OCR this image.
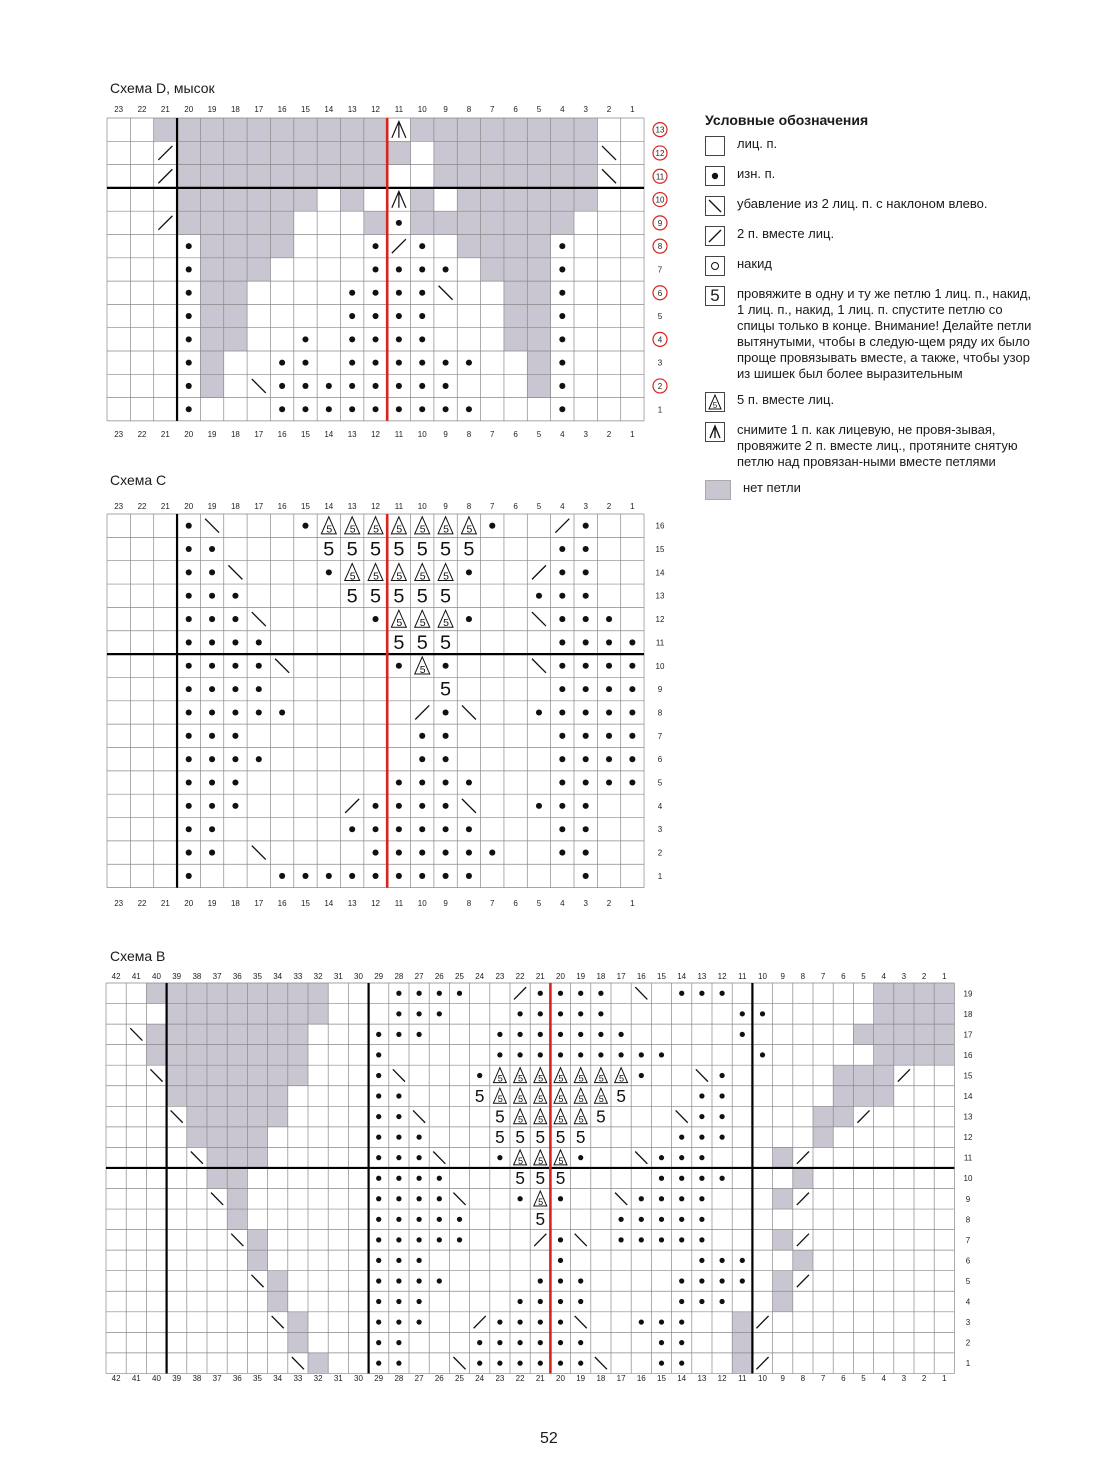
Схема D, мысок
23
23
22
22
21
21
20
20
19
19
18
18
17
17
16
16
15
15
14
14
13
13
12
12
11
11
10
10
9
9
8
8
7
7
6
6
5
5
4
4
3
3
2
2
1
1
13
12
11
10
9
8
7
6
5
4
3
2
1
5 5 5 5 5 5 5
5 5 5 5 5 5 5
5 5 5 5 5
5 5 5 5 5
5 5 5
5 5 5
5
5
23
23
22
22
21
21
20
20
19
19
18
18
17
17
16
16
15
15
14
14
13
13
12
12
11
11
10
10
9
9
8
8
7
7
6
6
5
5
4
4
3
3
2
2
1
1
16
15
14
13
12
11
10
9
8
7
6
5
4
3
2
1
5 5 5 5 5 5 5
5 5 5 5 5 5 5 5
5 5 5 5 5 5
5 5 5 5 5
5 5 5
5 5 5
5
5
42
42
41
41
40
40
39
39
38
38
37
37
36
36
35
35
34
34
33
33
32
32
31
31
30
30
29
29
28
28
27
27
26
26
25
25
24
24
23
23
22
22
21
21
20
20
19
19
18
18
17
17
16
16
15
15
14
14
13
13
12
12
11
11
10
10
9
9
8
8
7
7
6
6
5
5
4
4
3
3
2
2
1
1
19
18
17
16
15
14
13
12
11
10
9
8
7
6
5
4
3
2
1
Схема C
Схема B
Условные обозначения
лиц. п.
изн. п.
убавление из 2 лиц. п. с наклоном влево.
2 п. вместе лиц.
накид
5 провяжите в одну и ту же петлю 1 лиц. п., накид, 1 лиц. п., накид, 1 лиц. п. спустите петлю со спицы только в конце. Внимание! Делайте петли вытянутыми, чтобы в следую-щем ряду их было проще провязывать вместе, а также, чтобы узор из шишек был более выразительным
5 5 п. вместе лиц.
снимите 1 п. как лицевую, не провя-зывая, провяжите 2 п. вместе лиц., протяните снятую петлю над провязан-ными вместе петлями
нет петли
52
